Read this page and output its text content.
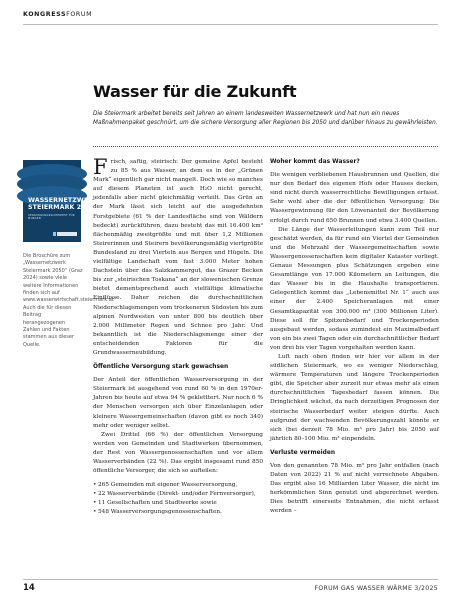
KONGRESSFORUM
Wasser für die Zukunft
Die Steiermark arbeitet bereits seit Jahren an einem landesweiten Wassernetzwerk und hat nun ein neues Maßnahmenpaket geschnürt, um die sichere Versorgung aller Regionen bis 2050 und darüber hinaus zu gewährleisten.
WASSERNETZWERK STEIERMARK 2050
VERSORGUNGSSICHERHEIT FÜR MORGEN

Die Broschüre zum „Wassernetzwerk Steiermark 2050“ (Graz 2024) sowie viele weitere Informationen finden sich auf www.wasserwirtschaft.steiermark.at

Auch die für diesen Beitrag herangezogenen Zahlen und Fakten stammen aus dieser Quelle.

Frisch, saftig, steirisch: Der gemeine Apfel besteht zu 85 % aus Wasser, an dem es in der „Grünen Mark“ eigentlich gar nicht mangelt. Doch wie so manches auf diesem Planeten ist auch H₂O nicht gerecht, jedenfalls aber nicht gleichmäßig verteilt. Das Grün an der Mark lässt sich leicht auf die ausgedehnten Forstgebiete (61 % der Landesfläche sind von Wäldern bedeckt) zurückführen, dazu besteht das mit 16.400 km² flächenmäßig zweitgrößte und mit über 1,2 Millionen Steirerinnen und Steirern bevölkerungsmäßig viertgrößte Bundesland zu drei Vierteln aus Bergen und Hügeln. Die vielfältige Landschaft vom fast 3.000 Meter hohen Dachstein über das Salzkammergut, das Grazer Becken bis zur „steirischen Toskana“ an der slowenischen Grenze bietet dementsprechend auch vielfältige klimatische Einflüsse. Daher reichen die durchschnittlichen Niederschlagsmengen vom trockeneren Südosten bis zum alpinen Nordwesten von unter 800 bis deutlich über 2.000 Millimeter Regen und Schnee pro Jahr. Und bekanntlich ist die Niederschlagsmenge einer der entscheidenden Faktoren für die Grundwasserneubildung.

Öffentliche Versorgung stark gewachsen

Der Anteil der öffentlichen Wasserversorgung in der Steiermark ist ausgehend von rund 60 % in den 1970er-Jahren bis heute auf etwa 94 % gekletttert. Nur noch 6 % der Menschen versorgen sich über Einzelanlagen oder kleinere Wassergemeinschaften (davon gibt es noch 340) mehr oder weniger selbst.

Zwei Drittel (66 %) der öffentlichen Versorgung werden von Gemeinden und Stadtwerken übernommen, der Rest von Wassergenossenschaften und vor allem Wasserverbänden (22 %). Das ergibt insgesamt rund 850 öffentliche Versorger, die sich so aufteilen:

• 265 Gemeinden mit eigener Wasserversorgung,
• 22 Wasserverbände (Direkt- und/oder Fernversorger),
• 11 Gesellschaften und Stadtwerke sowie
• 548 Wasserversorgungsgenossenschaften.
Woher kommt das Wasser?

Die wenigen verbliebenen Hausbrunnen und Quellen, die nur den Bedarf des eigenen Hofs oder Hauses decken, sind nicht durch wasserrechtliche Bewilligungen erfasst. Sehr wohl aber die der öffentlichen Versorgung: Die Wassergewinnung für den Löwenanteil der Bevölkerung erfolgt durch rund 650 Brunnen und etwa 3.400 Quellen.

Die Länge der Wasserleitungen kann zum Teil nur geschätzt werden, da für rund ein Viertel der Gemeinden und die Mehrzahl der Wassergemeinschaften sowie Wassergenossenschaften kein digitaler Kataster vorliegt. Genaue Messungen plus Schätzungen ergeben eine Gesamtlänge von 17.000 Kilometern an Leitungen, die das Wasser bis in die Haushalte transportieren. Gelegentlich kommt das „Lebensmittel Nr. 1“ auch aus einer der 2.400 Speicheranlagen mit einer Gesamtkapazität von 300.000 m³ (300 Millionen Liter). Diese soll für Spitzenbedarf und Trockenperioden ausgebaut werden, sodass zumindest ein Maximalbedarf von ein bis zwei Tagen oder ein durchschnittlicher Bedarf von drei bis vier Tagen vorgehalten werden kann.

Luft nach oben finden wir hier vor allem in der südlichen Steiermark, wo es weniger Niederschlag, wärmere Temperaturen und längere Trockenperioden gibt, die Speicher aber zurzeit nur etwas mehr als einen durchschnittlichen Tagesbedarf fassen können. Die Dringlichkeit wächst, da nach derzeitigen Prognosen der steirische Wasserbedarf weiter steigen dürfte. Auch aufgrund der wachsenden Bevölkerungszahl könnte er sich (bei derzeit 78 Mio. m³ pro Jahr) bis 2050 auf jährlich 80–100 Mio. m³ einpendeln.

Verluste vermeiden

Von den genannten 78 Mio. m³ pro Jahr entfallen (nach Daten von 2022) 21 % auf nicht verrechnete Abgaben. Das ergibt also 16 Milliarden Liter Wasser, die nicht im herkömmlichen Sinn genutzt und abgerechnet werden. Dies betrifft einerseits Entnahmen, die nicht erfasst werden –

14	FORUM GAS WASSER WÄRME 3/2025
